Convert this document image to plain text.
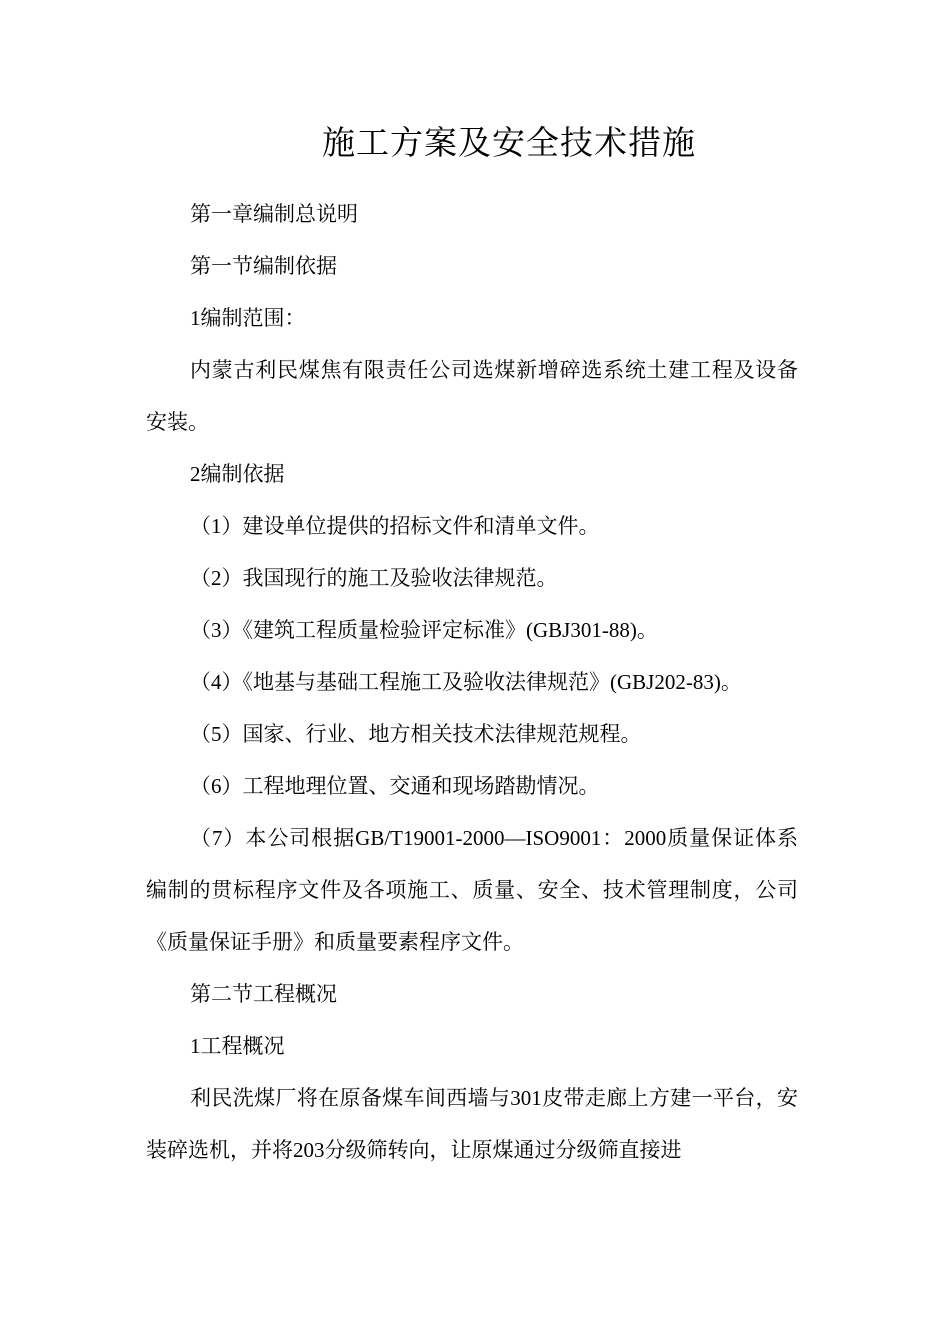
施工方案及安全技术措施

第一章编制总说明

第一节编制依据

1编制范围：

内蒙古利民煤焦有限责任公司选煤新增碎选系统土建工程及设备安装。

2编制依据

（1）建设单位提供的招标文件和清单文件。

（2）我国现行的施工及验收法律规范。

（3）《建筑工程质量检验评定标准》(GBJ301-88)。

（4）《地基与基础工程施工及验收法律规范》(GBJ202-83)。

（5）国家、行业、地方相关技术法律规范规程。

（6）工程地理位置、交通和现场踏勘情况。

（7）本公司根据GB/T19001-2000—ISO9001：2000质量保证体系编制的贯标程序文件及各项施工、质量、安全、技术管理制度，公司《质量保证手册》和质量要素程序文件。

第二节工程概况

1工程概况

利民洗煤厂将在原备煤车间西墙与301皮带走廊上方建一平台，安装碎选机，并将203分级筛转向，让原煤通过分级筛直接进
